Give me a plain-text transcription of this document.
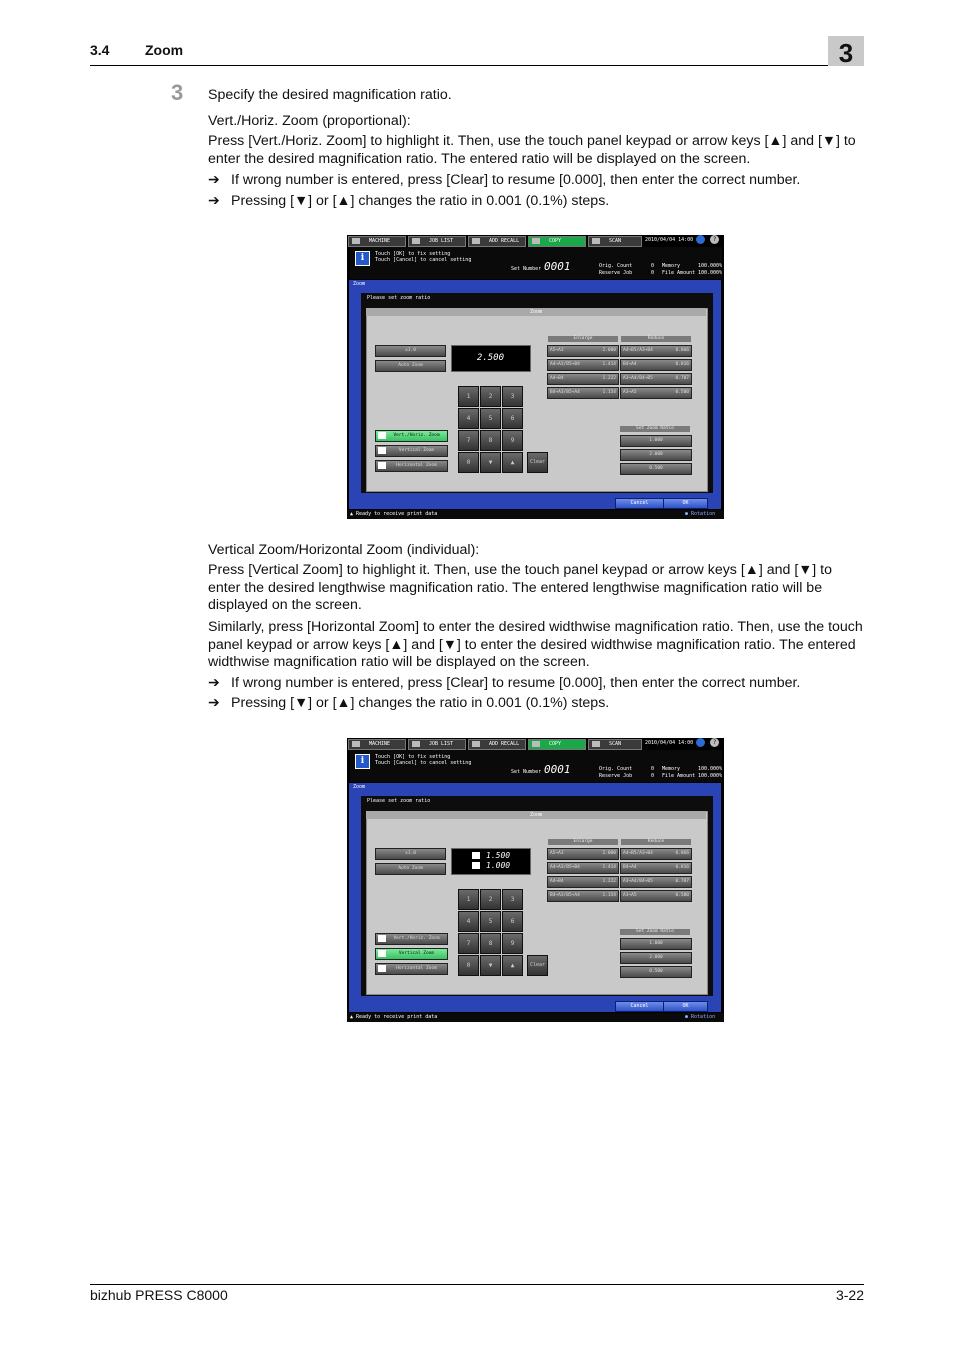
3.4	Zoom	3
3 Specify the desired magnification ratio.
Vert./Horiz. Zoom (proportional):
Press [Vert./Horiz. Zoom] to highlight it. Then, use the touch panel keypad or arrow keys [▲] and [▼] to enter the desired magnification ratio. The entered ratio will be displayed on the screen.
➔ If wrong number is entered, press [Clear] to resume [0.000], then enter the correct number.
➔ Pressing [▼] or [▲] changes the ratio in 0.001 (0.1%) steps.
MACHINE	JOB LIST	ADD RECALL	COPY	SCAN	2010/04/04 14:00	?
i	Touch [OK] to fix setting
Touch [Cancel] to cancel setting
Set Number 0001	Orig. Count	0
Reserve Job	0
Memory	100.000%
File Amount 100.000%
Zoom
Please set zoom ratio
Zoom
x1.0
Auto Zoom
2.500
Vert./Horiz. Zoom
Vertical Zoom
Horizontal Zoom
1	2	3
4	5	6
7	8	9
0	▼	▲	Clear
Enlarge	Reduce
A5→A3	2.000
A4→A3/B5→B4	1.414
A4→B4	1.222
B4→A3/B5→A4	1.154
A4→B5/A3→B4	0.866
B4→A4	0.816
A3→A4/B4→B5	0.707
A3→A5	0.500
Set Zoom Ratio
1.000
2.000
0.500
Cancel	OK
▲ Ready to receive print data	● Rotation
Vertical Zoom/Horizontal Zoom (individual):
Press [Vertical Zoom] to highlight it. Then, use the touch panel keypad or arrow keys [▲] and [▼] to enter the desired lengthwise magnification ratio. The entered lengthwise magnification ratio will be displayed on the screen.
Similarly, press [Horizontal Zoom] to enter the desired widthwise magnification ratio. Then, use the touch panel keypad or arrow keys [▲] and [▼] to enter the desired widthwise magnification ratio. The entered widthwise magnification ratio will be displayed on the screen.
➔ If wrong number is entered, press [Clear] to resume [0.000], then enter the correct number.
➔ Pressing [▼] or [▲] changes the ratio in 0.001 (0.1%) steps.
MACHINE	JOB LIST	ADD RECALL	COPY	SCAN	2010/04/04 14:00	?
i	Touch [OK] to fix setting
Touch [Cancel] to cancel setting
Set Number 0001	Orig. Count	0
Reserve Job	0
Memory	100.000%
File Amount 100.000%
Zoom
Please set zoom ratio
Zoom
x1.0
Auto Zoom
1.500
1.000
Vert./Horiz. Zoom
Vertical Zoom
Horizontal Zoom
1	2	3
4	5	6
7	8	9
0	▼	▲	Clear
Enlarge	Reduce
A5→A3	2.000
A4→A3/B5→B4	1.414
A4→B4	1.222
B4→A3/B5→A4	1.154
A4→B5/A3→B4	0.866
B4→A4	0.816
A3→A4/B4→B5	0.707
A3→A5	0.500
Set Zoom Ratio
1.000
2.000
0.500
Cancel	OK
▲ Ready to receive print data	● Rotation
bizhub PRESS C8000	3-22
